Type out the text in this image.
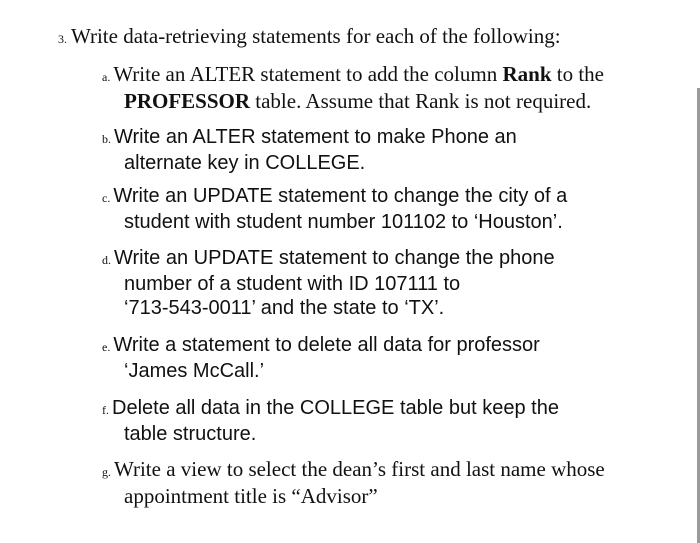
3. Write data-retrieving statements for each of the following:
a. Write an ALTER statement to add the column Rank to the
PROFESSOR table. Assume that Rank is not required.
b. Write an ALTER statement to make Phone an
alternate key in COLLEGE.
c. Write an UPDATE statement to change the city of a
student with student number 101102 to ‘Houston’.
d. Write an UPDATE statement to change the phone
number of a student with ID 107111 to
‘713-543-0011’ and the state to ‘TX’.
e. Write a statement to delete all data for professor
‘James McCall.’
f. Delete all data in the COLLEGE table but keep the
table structure.
g. Write a view to select the dean’s first and last name whose
appointment title is “Advisor”
